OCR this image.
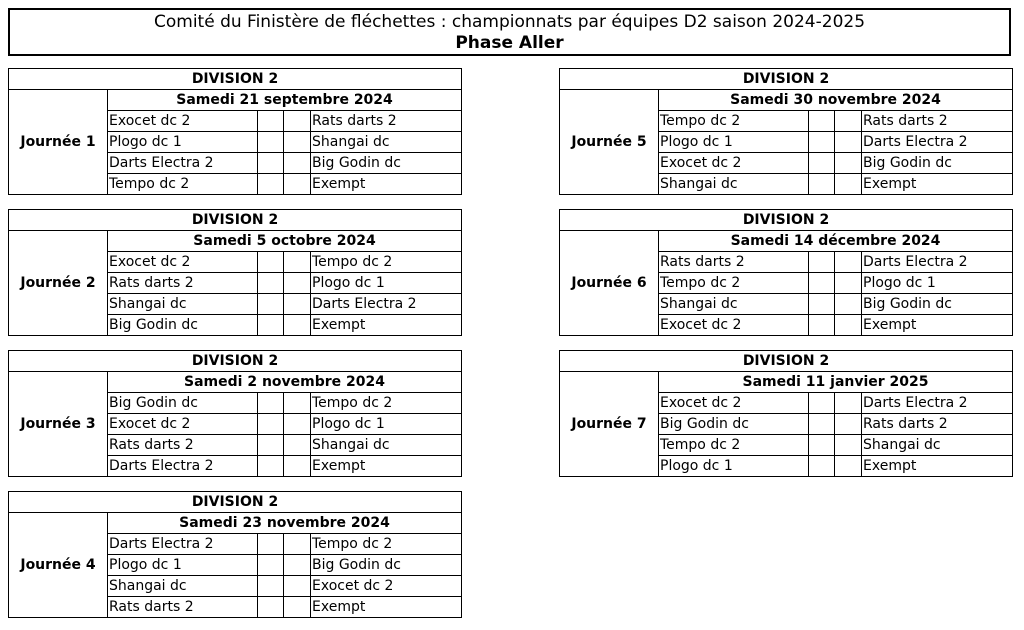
Comité du Finistère de fléchettes : championnats par équipes D2 saison 2024-2025
Phase Aller
DIVISION 2				
Journée 1	Samedi 21 septembre 2024			
	Exocet dc 2			Rats darts 2
	Plogo dc 1			Shangai dc
	Darts Electra 2			Big Godin dc
	Tempo dc 2			Exempt
DIVISION 2				
Journée 2	Samedi 5 octobre 2024			
	Exocet dc 2			Tempo dc 2
	Rats darts 2			Plogo dc 1
	Shangai dc			Darts Electra 2
	Big Godin dc			Exempt
DIVISION 2				
Journée 3	Samedi 2 novembre 2024			
	Big Godin dc			Tempo dc 2
	Exocet dc 2			Plogo dc 1
	Rats darts 2			Shangai dc
	Darts Electra 2			Exempt
DIVISION 2				
Journée 4	Samedi 23 novembre 2024			
	Darts Electra 2			Tempo dc 2
	Plogo dc 1			Big Godin dc
	Shangai dc			Exocet dc 2
	Rats darts 2			Exempt
DIVISION 2				
Journée 5	Samedi 30 novembre 2024			
	Tempo dc 2			Rats darts 2
	Plogo dc 1			Darts Electra 2
	Exocet dc 2			Big Godin dc
	Shangai dc			Exempt
DIVISION 2				
Journée 6	Samedi 14 décembre 2024			
	Rats darts 2			Darts Electra 2
	Tempo dc 2			Plogo dc 1
	Shangai dc			Big Godin dc
	Exocet dc 2			Exempt
DIVISION 2				
Journée 7	Samedi 11 janvier 2025			
	Exocet dc 2			Darts Electra 2
	Big Godin dc			Rats darts 2
	Tempo dc 2			Shangai dc
	Plogo dc 1			Exempt
